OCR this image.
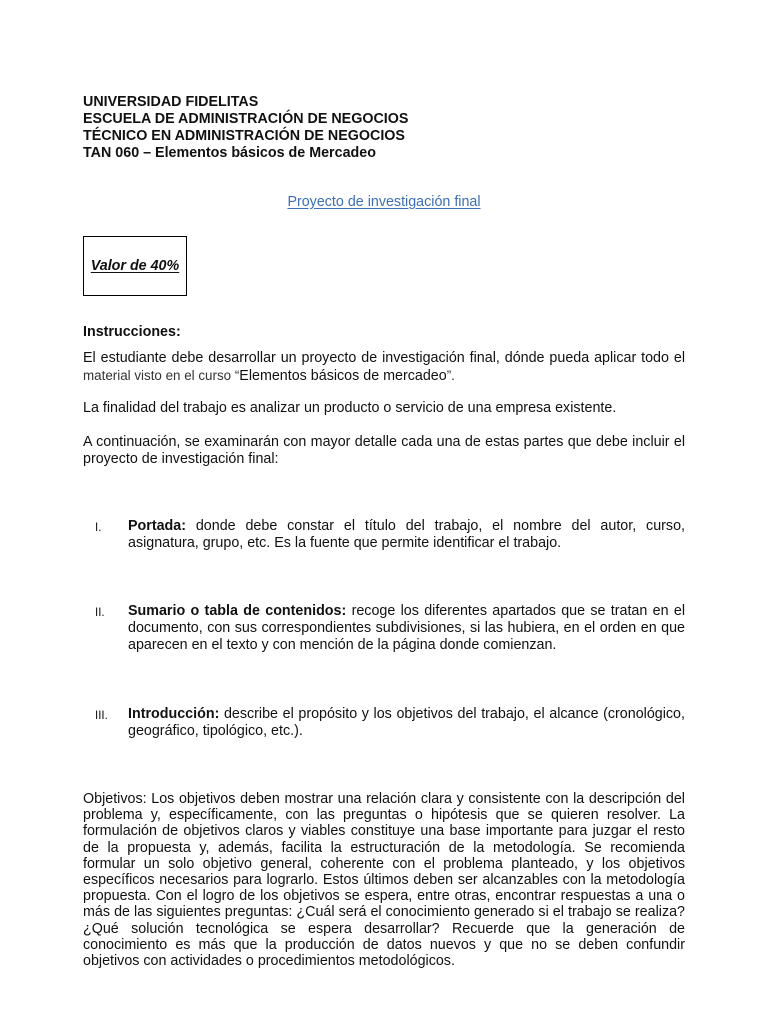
UNIVERSIDAD FIDELITAS
ESCUELA DE ADMINISTRACIÓN DE NEGOCIOS
TÉCNICO EN ADMINISTRACIÓN DE NEGOCIOS
TAN 060 – Elementos básicos de Mercadeo
Proyecto de investigación final
Valor de 40%
Instrucciones:
El estudiante debe desarrollar un proyecto de investigación final, dónde pueda aplicar todo el material visto en el curso “Elementos básicos de mercadeo”.
La finalidad del trabajo es analizar un producto o servicio de una empresa existente.
A continuación, se examinarán con mayor detalle cada una de estas partes que debe incluir el proyecto de investigación final:
I. Portada: donde debe constar el título del trabajo, el nombre del autor, curso, asignatura, grupo, etc. Es la fuente que permite identificar el trabajo.
II. Sumario o tabla de contenidos: recoge los diferentes apartados que se tratan en el documento, con sus correspondientes subdivisiones, si las hubiera, en el orden en que aparecen en el texto y con mención de la página donde comienzan.
III. Introducción: describe el propósito y los objetivos del trabajo, el alcance (cronológico, geográfico, tipológico, etc.).
Objetivos: Los objetivos deben mostrar una relación clara y consistente con la descripción del problema y, específicamente, con las preguntas o hipótesis que se quieren resolver. La formulación de objetivos claros y viables constituye una base importante para juzgar el resto de la propuesta y, además, facilita la estructuración de la metodología. Se recomienda formular un solo objetivo general, coherente con el problema planteado, y los objetivos específicos necesarios para lograrlo. Estos últimos deben ser alcanzables con la metodología propuesta. Con el logro de los objetivos se espera, entre otras, encontrar respuestas a una o más de las siguientes preguntas: ¿Cuál será el conocimiento generado si el trabajo se realiza? ¿Qué solución tecnológica se espera desarrollar? Recuerde que la generación de conocimiento es más que la producción de datos nuevos y que no se deben confundir objetivos con actividades o procedimientos metodológicos.
